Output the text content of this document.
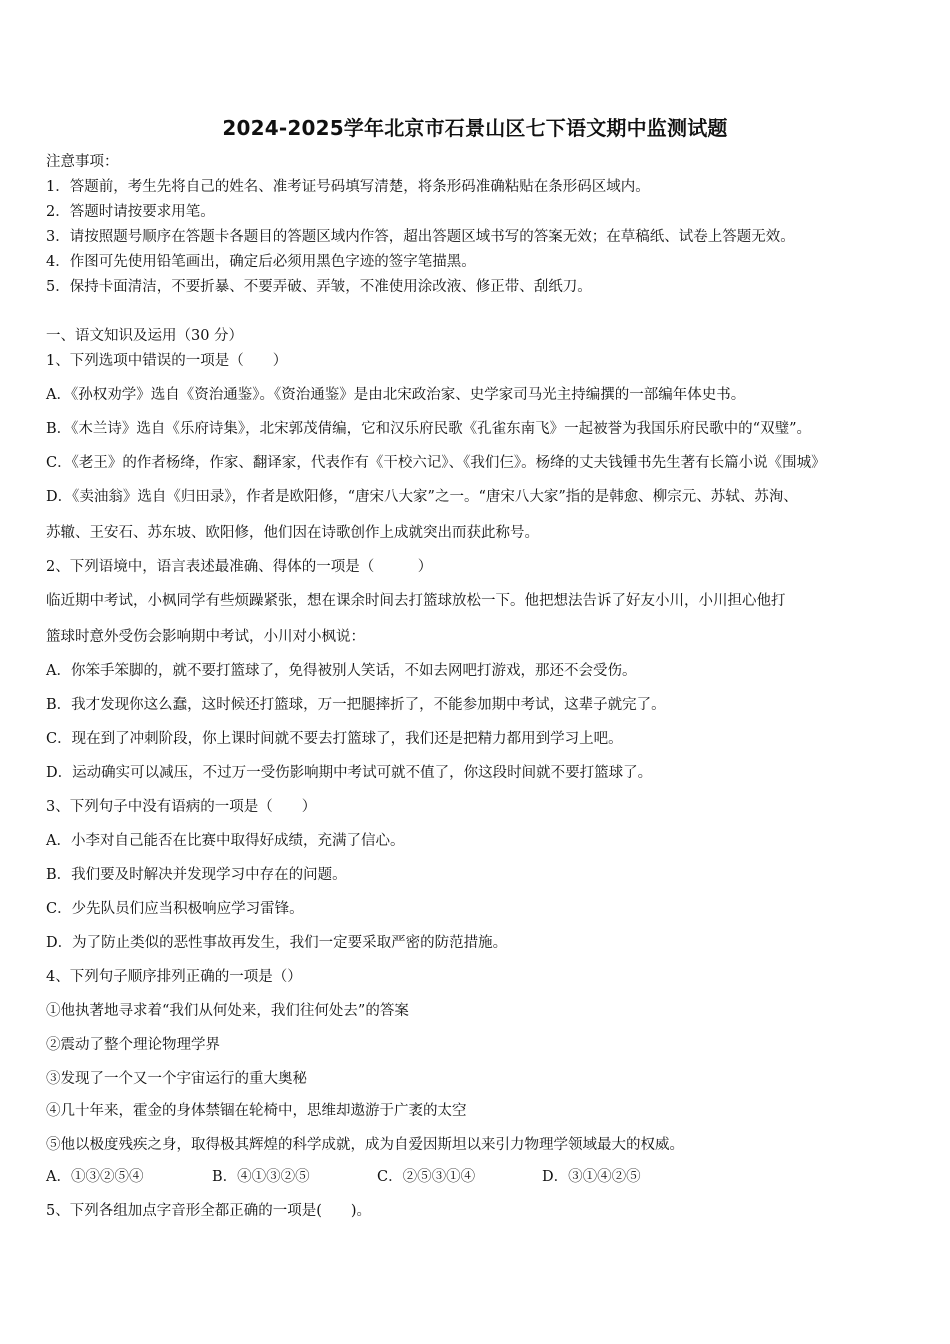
2024-2025学年北京市石景山区七下语文期中监测试题
注意事项：
1．答题前，考生先将自己的姓名、准考证号码填写清楚，将条形码准确粘贴在条形码区域内。
2．答题时请按要求用笔。
3．请按照题号顺序在答题卡各题目的答题区域内作答，超出答题区域书写的答案无效；在草稿纸、试卷上答题无效。
4．作图可先使用铅笔画出，确定后必须用黑色字迹的签字笔描黑。
5．保持卡面清洁，不要折暴、不要弄破、弄皱，不准使用涂改液、修正带、刮纸刀。
一、语文知识及运用（30 分）
1、下列选项中错误的一项是（　　）
A．《孙权劝学》选自《资治通鉴》。《资治通鉴》是由北宋政治家、史学家司马光主持编撰的一部编年体史书。
B．《木兰诗》选自《乐府诗集》，北宋郭茂倩编，它和汉乐府民歌《孔雀东南飞》一起被誉为我国乐府民歌中的“双璧”。
C．《老王》的作者杨绛，作家、翻译家，代表作有《干校六记》、《我们仨》。杨绛的丈夫钱锺书先生著有长篇小说《围城》
D．《卖油翁》选自《归田录》，作者是欧阳修，“唐宋八大家”之一。“唐宋八大家”指的是韩愈、柳宗元、苏轼、苏洵、
苏辙、王安石、苏东坡、欧阳修，他们因在诗歌创作上成就突出而获此称号。
2、下列语境中，语言表述最准确、得体的一项是（　　　）
临近期中考试，小枫同学有些烦躁紧张，想在课余时间去打篮球放松一下。他把想法告诉了好友小川，小川担心他打
篮球时意外受伤会影响期中考试，小川对小枫说：
A．你笨手笨脚的，就不要打篮球了，免得被别人笑话，不如去网吧打游戏，那还不会受伤。
B．我才发现你这么蠢，这时候还打篮球，万一把腿摔折了，不能参加期中考试，这辈子就完了。
C．现在到了冲刺阶段，你上课时间就不要去打篮球了，我们还是把精力都用到学习上吧。
D．运动确实可以减压，不过万一受伤影响期中考试可就不值了，你这段时间就不要打篮球了。
3、下列句子中没有语病的一项是（　　）
A．小李对自己能否在比赛中取得好成绩，充满了信心。
B．我们要及时解决并发现学习中存在的问题。
C．少先队员们应当积极响应学习雷锋。
D．为了防止类似的恶性事故再发生，我们一定要采取严密的防范措施。
4、下列句子顺序排列正确的一项是（）
①他执著地寻求着“我们从何处来，我们往何处去”的答案
②震动了整个理论物理学界
③发现了一个又一个宇宙运行的重大奥秘
④几十年来，霍金的身体禁锢在轮椅中，思维却遨游于广袤的太空
⑤他以极度残疾之身，取得极其辉煌的科学成就，成为自爱因斯坦以来引力物理学领域最大的权威。
A．①③②⑤④	B．④①③②⑤	C．②⑤③①④	D．③①④②⑤
5、下列各组加点字音形全都正确的一项是(　　)。
